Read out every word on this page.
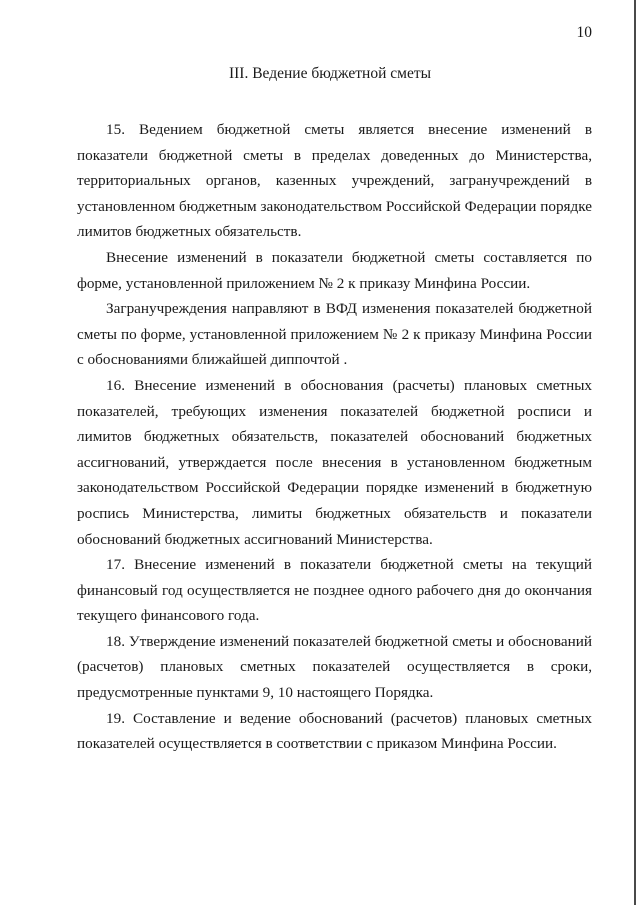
10
III. Ведение бюджетной сметы

15. Ведением бюджетной сметы является внесение изменений в показатели бюджетной сметы в пределах доведенных до Министерства, территориальных органов, казенных учреждений, загранучреждений в установленном бюджетным законодательством Российской Федерации порядке лимитов бюджетных обязательств.

Внесение изменений в показатели бюджетной сметы составляется по форме, установленной приложением № 2 к приказу Минфина России.

Загранучреждения направляют в ВФД изменения показателей бюджетной сметы по форме, установленной приложением № 2 к приказу Минфина России с обоснованиями ближайшей диппочтой .

16. Внесение изменений в обоснования (расчеты) плановых сметных показателей, требующих изменения показателей бюджетной росписи и лимитов бюджетных обязательств, показателей обоснований бюджетных ассигнований, утверждается после внесения в установленном бюджетным законодательством Российской Федерации порядке изменений в бюджетную роспись Министерства, лимиты бюджетных обязательств и показатели обоснований бюджетных ассигнований Министерства.

17. Внесение изменений в показатели бюджетной сметы на текущий финансовый год осуществляется не позднее одного рабочего дня до окончания текущего финансового года.

18. Утверждение изменений показателей бюджетной сметы и обоснований (расчетов) плановых сметных показателей осуществляется в сроки, предусмотренные пунктами 9, 10 настоящего Порядка.

19. Составление и ведение обоснований (расчетов) плановых сметных показателей осуществляется в соответствии с приказом Минфина России.
